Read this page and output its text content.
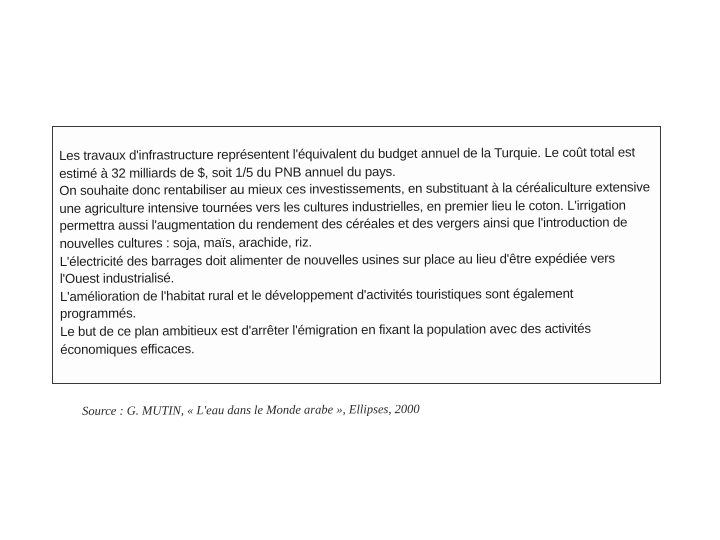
Les travaux d'infrastructure représentent l'équivalent du budget annuel de la Turquie. Le coût total est
estimé à 32 milliards de $, soit 1/5 du PNB annuel du pays.
On souhaite donc rentabiliser au mieux ces investissements, en substituant à la céréaliculture extensive
une agriculture intensive tournées vers les cultures industrielles, en premier lieu le coton. L'irrigation
permettra aussi l'augmentation du rendement des céréales et des vergers ainsi que l'introduction de
nouvelles cultures : soja, maïs, arachide, riz.
L'électricité des barrages doit alimenter de nouvelles usines sur place au lieu d'être expédiée vers
l'Ouest industrialisé.
L'amélioration de l'habitat rural et le développement d'activités touristiques sont également
programmés.
Le but de ce plan ambitieux est d'arrêter l'émigration en fixant la population avec des activités
économiques efficaces.
Source : G. MUTIN, « L'eau dans le Monde arabe », Ellipses, 2000
